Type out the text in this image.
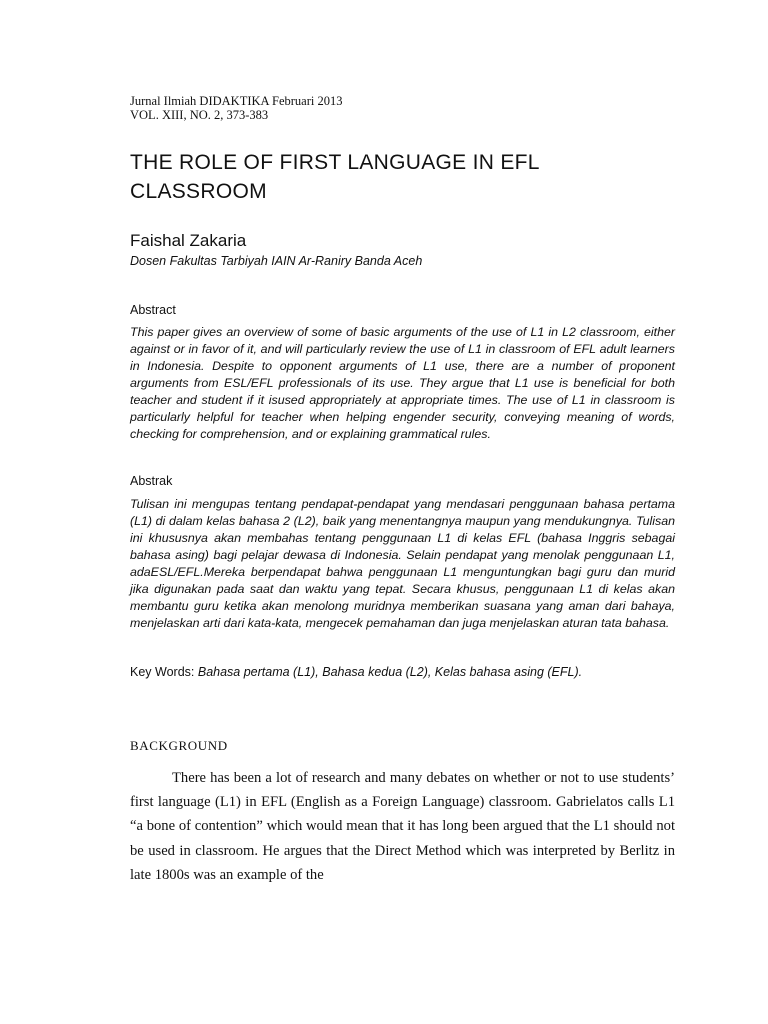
Jurnal Ilmiah DIDAKTIKA Februari 2013
VOL. XIII, NO. 2, 373-383
THE ROLE OF FIRST LANGUAGE IN EFL CLASSROOM
Faishal Zakaria
Dosen Fakultas Tarbiyah IAIN Ar-Raniry Banda Aceh
Abstract

This paper gives an overview of some of basic arguments of the use of L1 in L2 classroom, either against or in favor of it, and will particularly review the use of L1 in classroom of EFL adult learners in Indonesia. Despite to opponent arguments of L1 use, there are a number of proponent arguments from ESL/EFL professionals of its use. They argue that L1 use is beneficial for both teacher and student if it isused appropriately at appropriate times. The use of L1 in classroom is particularly helpful for teacher when helping engender security, conveying meaning of words, checking for comprehension, and or explaining grammatical rules.

Abstrak

Tulisan ini mengupas tentang pendapat-pendapat yang mendasari penggunaan bahasa pertama (L1) di dalam kelas bahasa 2 (L2), baik yang menentangnya maupun yang mendukungnya. Tulisan ini khususnya akan membahas tentang penggunaan L1 di kelas EFL (bahasa Inggris sebagai bahasa asing) bagi pelajar dewasa di Indonesia. Selain pendapat yang menolak penggunaan L1, adaESL/EFL.Mereka berpendapat bahwa penggunaan L1 menguntungkan bagi guru dan murid jika digunakan pada saat dan waktu yang tepat. Secara khusus, penggunaan L1 di kelas akan membantu guru ketika akan menolong muridnya memberikan suasana yang aman dari bahaya, menjelaskan arti dari kata-kata, mengecek pemahaman dan juga menjelaskan aturan tata bahasa.

Key Words: Bahasa pertama (L1), Bahasa kedua (L2), Kelas bahasa asing (EFL).
BACKGROUND

There has been a lot of research and many debates on whether or not to use students’ first language (L1) in EFL (English as a Foreign Language) classroom. Gabrielatos calls L1 “a bone of contention” which would mean that it has long been argued that the L1 should not be used in classroom. He argues that the Direct Method which was interpreted by Berlitz in late 1800s was an example of the
